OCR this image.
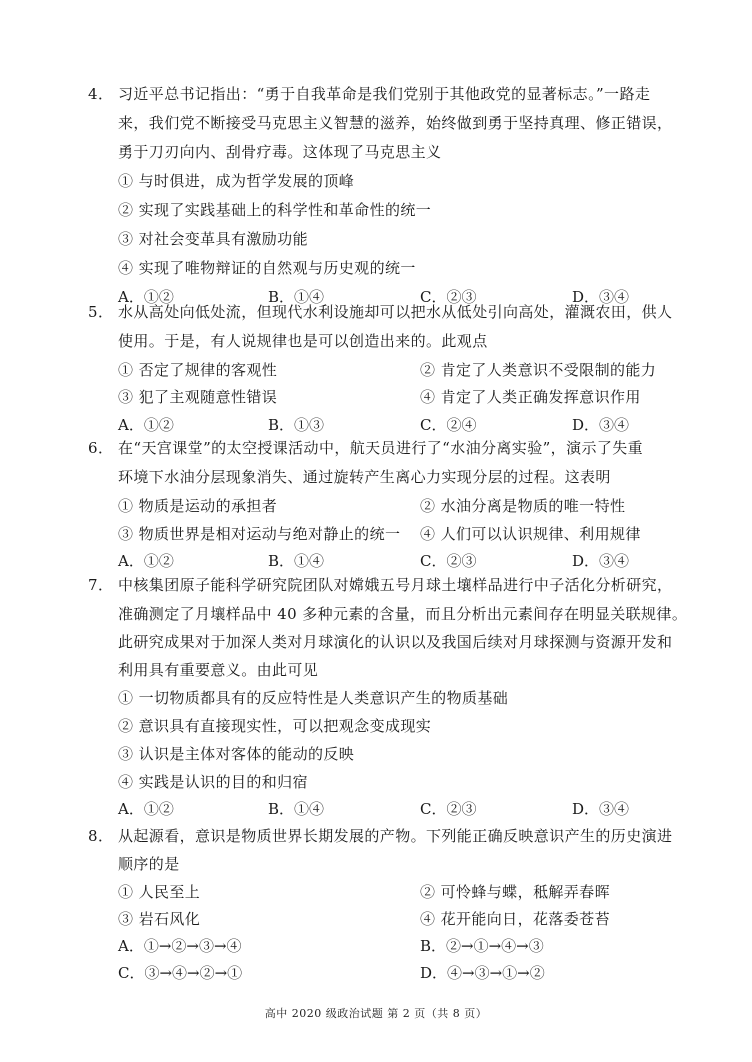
4． 习近平总书记指出：“勇于自我革命是我们党别于其他政党的显著标志。”一路走
来，我们党不断接受马克思主义智慧的滋养，始终做到勇于坚持真理、修正错误，
勇于刀刃向内、刮骨疗毒。这体现了马克思主义
① 与时俱进，成为哲学发展的顶峰
② 实现了实践基础上的科学性和革命性的统一
③ 对社会变革具有激励功能
④ 实现了唯物辩证的自然观与历史观的统一
A．①②	B．①④	C．②③	D．③④
5． 水从高处向低处流，但现代水利设施却可以把水从低处引向高处，灌溉农田，供人
使用。于是，有人说规律也是可以创造出来的。此观点
① 否定了规律的客观性	② 肯定了人类意识不受限制的能力
③ 犯了主观随意性错误	④ 肯定了人类正确发挥意识作用
A．①②	B．①③	C．②④	D．③④
6． 在“天宫课堂”的太空授课活动中，航天员进行了“水油分离实验”，演示了失重
环境下水油分层现象消失、通过旋转产生离心力实现分层的过程。这表明
① 物质是运动的承担者	② 水油分离是物质的唯一特性
③ 物质世界是相对运动与绝对静止的统一 ④ 人们可以认识规律、利用规律
A．①②	B．①④	C．②③	D．③④
7． 中核集团原子能科学研究院团队对嫦娥五号月球土壤样品进行中子活化分析研究，
准确测定了月壤样品中 40 多种元素的含量，而且分析出元素间存在明显关联规律。
此研究成果对于加深人类对月球演化的认识以及我国后续对月球探测与资源开发和
利用具有重要意义。由此可见
① 一切物质都具有的反应特性是人类意识产生的物质基础
② 意识具有直接现实性，可以把观念变成现实
③ 认识是主体对客体的能动的反映
④ 实践是认识的目的和归宿
A．①②	B．①④	C．②③	D．③④
8． 从起源看，意识是物质世界长期发展的产物。下列能正确反映意识产生的历史演进
顺序的是
① 人民至上	② 可怜蜂与蝶，秪解弄春晖
③ 岩石风化	④ 花开能向日，花落委苍苔
A．①→②→③→④	B．②→①→④→③
C．③→④→②→①	D．④→③→①→②
高中 2020 级政治试题 第 2 页（共 8 页）
